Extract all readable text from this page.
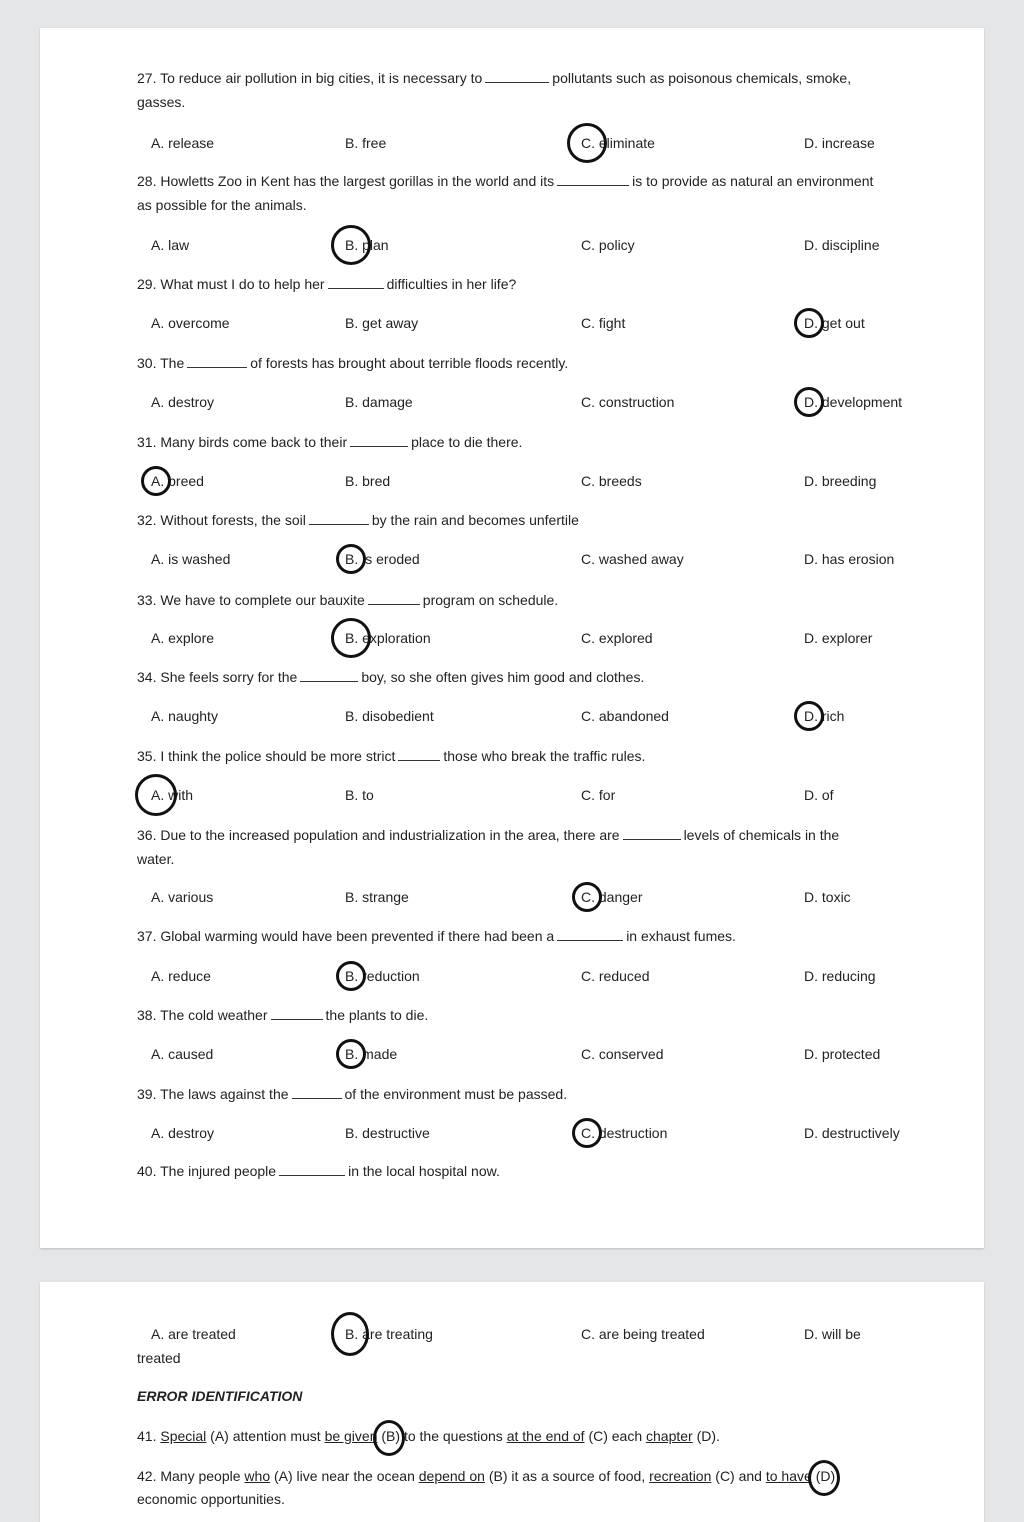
27. To reduce air pollution in big cities, it is necessary to	pollutants such as poisonous chemicals, smoke, gasses.
A. release	B. free	C. eliminate	D. increase
28. Howletts Zoo in Kent has the largest gorillas in the world and its	is to provide as natural an environment as possible for the animals.
A. law	B. plan	C. policy	D. discipline
29. What must I do to help her	difficulties in her life?
A. overcome	B. get away	C. fight	D. get out
30. The	of forests has brought about terrible floods recently.
A. destroy	B. damage	C. construction	D. development
31. Many birds come back to their	place to die there.
A. breed	B. bred	C. breeds	D. breeding
32. Without forests, the soil	by the rain and becomes unfertile
A. is washed	B. is eroded	C. washed away	D. has erosion
33. We have to complete our bauxite	program on schedule.
A. explore	B. exploration	C. explored	D. explorer
34. She feels sorry for the	boy, so she often gives him good and clothes.
A. naughty	B. disobedient	C. abandoned	D. rich
35. I think the police should be more strict	those who break the traffic rules.
A. with	B. to	C. for	D. of
36. Due to the increased population and industrialization in the area, there are	levels of chemicals in the water.
A. various	B. strange	C. danger	D. toxic
37. Global warming would have been prevented if there had been a	in exhaust fumes.
A. reduce	B. reduction	C. reduced	D. reducing
38. The cold weather	the plants to die.
A. caused	B. made	C. conserved	D. protected
39. The laws against the	of the environment must be passed.
A. destroy	B. destructive	C. destruction	D. destructively
40. The injured people	in the local hospital now.
A. are treated	B. are treating	C. are being treated	D. will be
treated
ERROR IDENTIFICATION
41. Special (A) attention must be given (B) to the questions at the end of (C) each chapter (D).
42. Many people who (A) live near the ocean depend on (B) it as a source of food, recreation (C) and to have (D)
economic opportunities.
